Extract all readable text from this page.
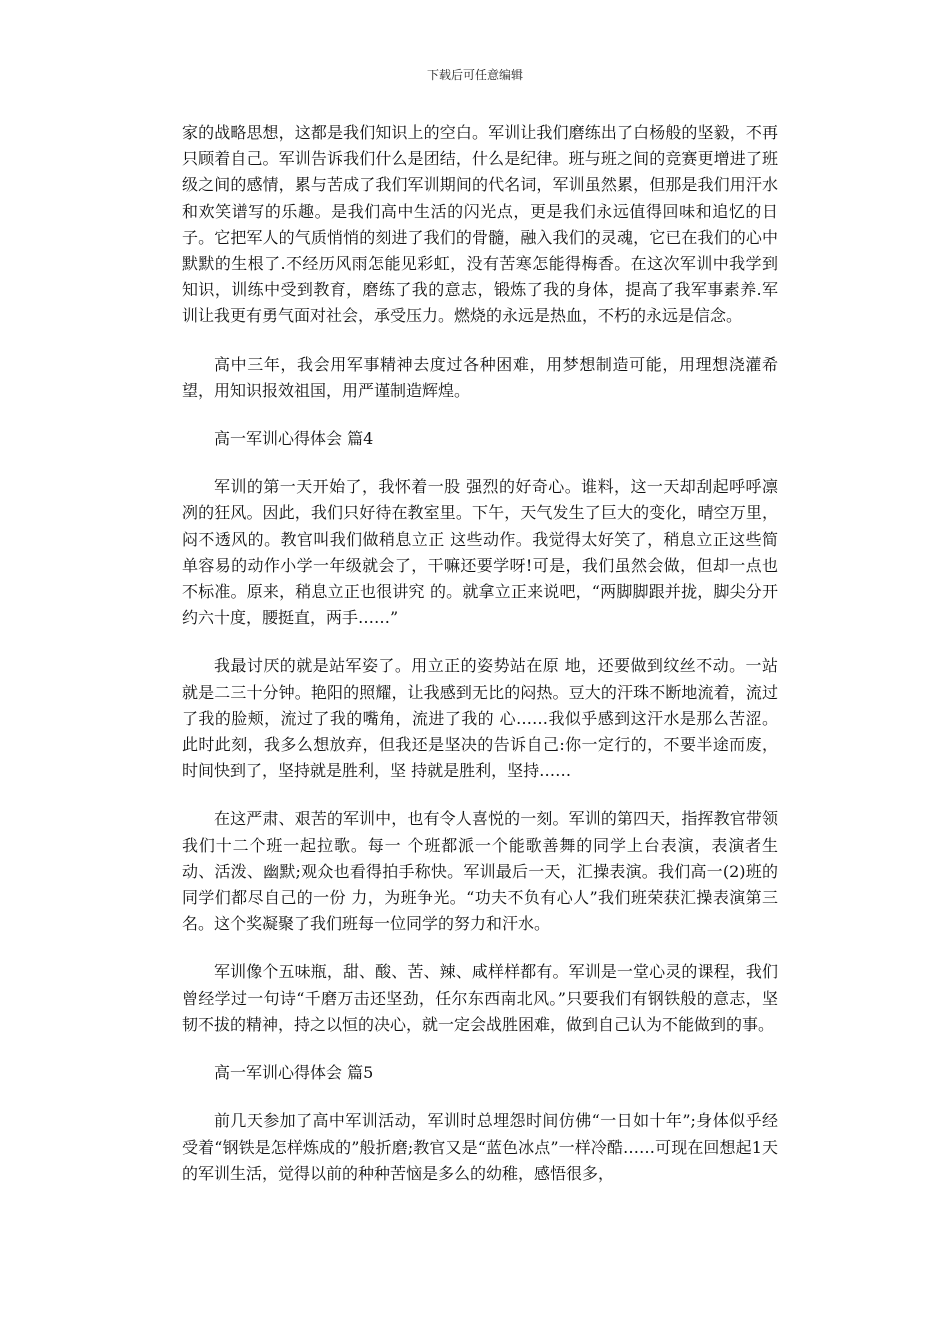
下载后可任意编辑

家的战略思想，这都是我们知识上的空白。军训让我们磨练出了白杨般的坚毅，不再只顾着自己。军训告诉我们什么是团结，什么是纪律。班与班之间的竞赛更增进了班级之间的感情，累与苦成了我们军训期间的代名词，军训虽然累，但那是我们用汗水和欢笑谱写的乐趣。是我们高中生活的闪光点，更是我们永远值得回味和追忆的日子。它把军人的气质悄悄的刻进了我们的骨髓，融入我们的灵魂，它已在我们的心中默默的生根了.不经历风雨怎能见彩虹，没有苦寒怎能得梅香。在这次军训中我学到知识，训练中受到教育，磨练了我的意志，锻炼了我的身体，提高了我军事素养.军训让我更有勇气面对社会，承受压力。燃烧的永远是热血，不朽的永远是信念。

高中三年，我会用军事精神去度过各种困难，用梦想制造可能，用理想浇灌希望，用知识报效祖国，用严谨制造辉煌。

高一军训心得体会 篇4

军训的第一天开始了，我怀着一股 强烈的好奇心。谁料，这一天却刮起呼呼凛冽的狂风。因此，我们只好待在教室里。下午，天气发生了巨大的变化，晴空万里，闷不透风的。教官叫我们做稍息立正 这些动作。我觉得太好笑了，稍息立正这些简单容易的动作小学一年级就会了，干嘛还要学呀!可是，我们虽然会做，但却一点也不标准。原来，稍息立正也很讲究 的。就拿立正来说吧，“两脚脚跟并拢，脚尖分开约六十度，腰挺直，两手……”

我最讨厌的就是站军姿了。用立正的姿势站在原 地，还要做到纹丝不动。一站就是二三十分钟。艳阳的照耀，让我感到无比的闷热。豆大的汗珠不断地流着，流过了我的脸颊，流过了我的嘴角，流进了我的 心……我似乎感到这汗水是那么苦涩。此时此刻，我多么想放弃，但我还是坚决的告诉自己:你一定行的，不要半途而废，时间快到了，坚持就是胜利，坚 持就是胜利，坚持……

在这严肃、艰苦的军训中，也有令人喜悦的一刻。军训的第四天，指挥教官带领我们十二个班一起拉歌。每一 个班都派一个能歌善舞的同学上台表演，表演者生动、活泼、幽默;观众也看得拍手称快。军训最后一天，汇操表演。我们高一(2)班的同学们都尽自己的一份 力，为班争光。“功夫不负有心人”我们班荣获汇操表演第三名。这个奖凝聚了我们班每一位同学的努力和汗水。

军训像个五味瓶，甜、酸、苦、辣、咸样样都有。军训是一堂心灵的课程，我们曾经学过一句诗“千磨万击还坚劲，任尔东西南北风。”只要我们有钢铁般的意志，坚韧不拔的精神，持之以恒的决心，就一定会战胜困难，做到自己认为不能做到的事。

高一军训心得体会 篇5

前几天参加了高中军训活动，军训时总埋怨时间仿佛“一日如十年”;身体似乎经受着“钢铁是怎样炼成的”般折磨;教官又是“蓝色冰点”一样冷酷……可现在回想起1天的军训生活，觉得以前的种种苦恼是多么的幼稚，感悟很多，
